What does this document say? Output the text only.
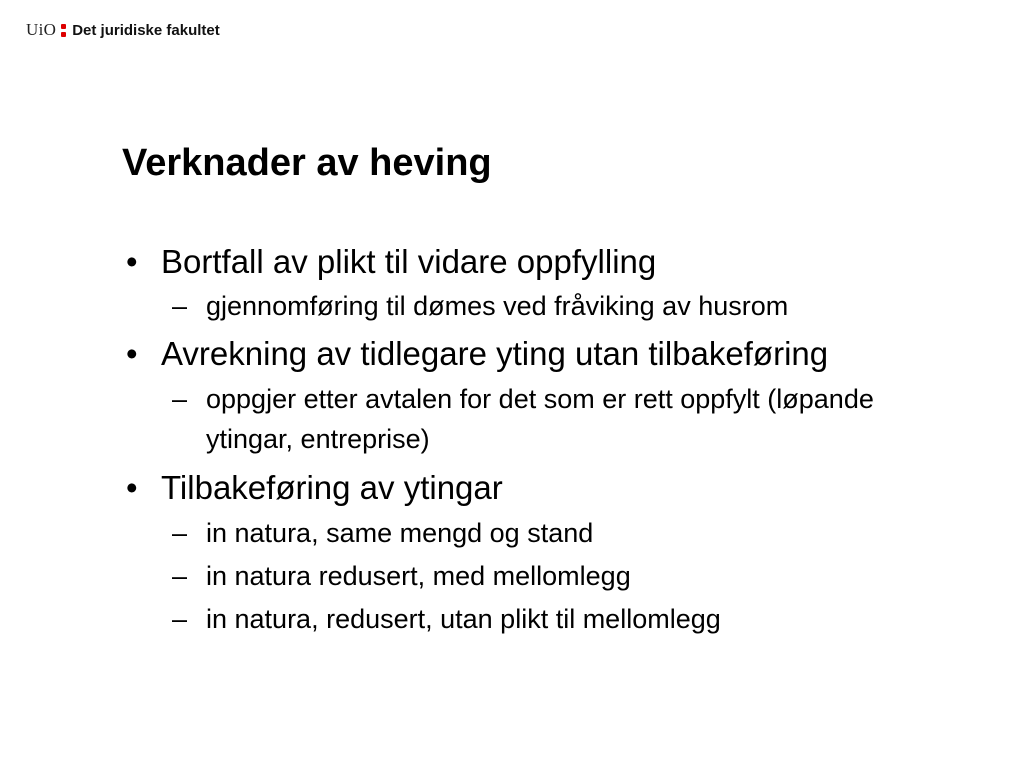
UiO Det juridiske fakultet
Verknader av heving
• Bortfall av plikt til vidare oppfylling
– gjennomføring til dømes ved fråviking av husrom
• Avrekning av tidlegare yting utan tilbakeføring
– oppgjer etter avtalen for det som er rett oppfylt (løpande ytingar, entreprise)
• Tilbakeføring av ytingar
– in natura, same mengd og stand
– in natura redusert, med mellomlegg
– in natura, redusert, utan plikt til mellomlegg
